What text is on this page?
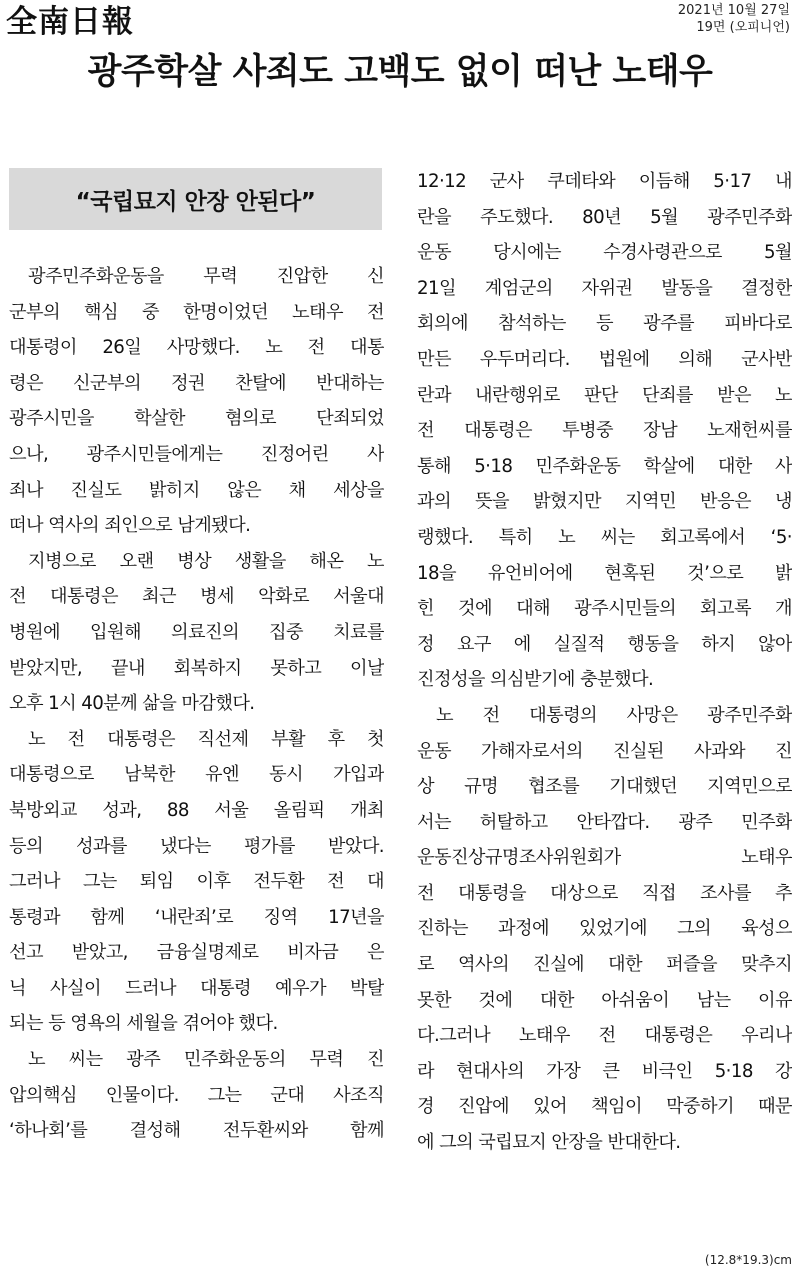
全南日報	2021년 10월 27일
19면 (오피니언)
광주학살 사죄도 고백도 없이 떠난 노태우
“국립묘지 안장 안된다”
광주민주화운동을 무력 진압한 신
군부의 핵심 중 한명이었던 노태우 전
대통령이 26일 사망했다. 노 전 대통
령은 신군부의 정권 찬탈에 반대하는
광주시민을 학살한 혐의로 단죄되었
으나, 광주시민들에게는 진정어린 사
죄나 진실도 밝히지 않은 채 세상을
떠나 역사의 죄인으로 남게됐다.
지병으로 오랜 병상 생활을 해온 노
전 대통령은 최근 병세 악화로 서울대
병원에 입원해 의료진의 집중 치료를
받았지만, 끝내 회복하지 못하고 이날
오후 1시 40분께 삶을 마감했다.
노 전 대통령은 직선제 부활 후 첫
대통령으로 남북한 유엔 동시 가입과
북방외교 성과, 88 서울 올림픽 개최
등의 성과를 냈다는 평가를 받았다.
그러나 그는 퇴임 이후 전두환 전 대
통령과 함께 ‘내란죄’로 징역 17년을
선고 받았고, 금융실명제로 비자금 은
닉 사실이 드러나 대통령 예우가 박탈
되는 등 영욕의 세월을 겪어야 했다.
노 씨는 광주 민주화운동의 무력 진
압의핵심 인물이다. 그는 군대 사조직
‘하나회’를 결성해 전두환씨와 함께
12·12 군사 쿠데타와 이듬해 5·17 내
란을 주도했다. 80년 5월 광주민주화
운동 당시에는 수경사령관으로 5월
21일 계엄군의 자위권 발동을 결정한
회의에 참석하는 등 광주를 피바다로
만든 우두머리다. 법원에 의해 군사반
란과 내란행위로 판단 단죄를 받은 노
전 대통령은 투병중 장남 노재헌씨를
통해 5·18 민주화운동 학살에 대한 사
과의 뜻을 밝혔지만 지역민 반응은 냉
랭했다. 특히 노 씨는 회고록에서 ‘5·
18을 유언비어에 현혹된 것’으로 밝
힌 것에 대해 광주시민들의 회고록 개
정 요구 에 실질적 행동을 하지 않아
진정성을 의심받기에 충분했다.
노 전 대통령의 사망은 광주민주화
운동 가해자로서의 진실된 사과와 진
상 규명 협조를 기대했던 지역민으로
서는 허탈하고 안타깝다. 광주 민주화
운동진상규명조사위원회가 노태우
전 대통령을 대상으로 직접 조사를 추
진하는 과정에 있었기에 그의 육성으
로 역사의 진실에 대한 퍼즐을 맞추지
못한 것에 대한 아쉬움이 남는 이유
다.그러나 노태우 전 대통령은 우리나
라 현대사의 가장 큰 비극인 5·18 강
경 진압에 있어 책임이 막중하기 때문
에 그의 국립묘지 안장을 반대한다.
(12.8*19.3)cm
